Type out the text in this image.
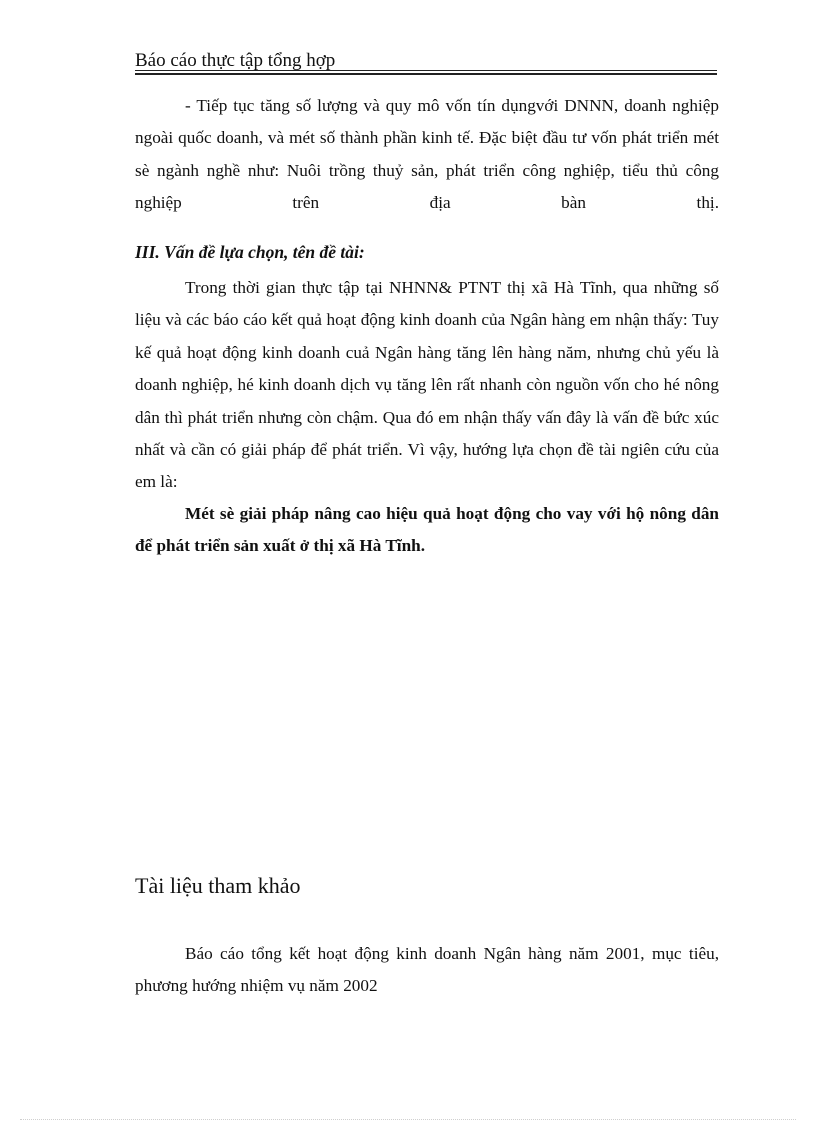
Báo cáo thực tập tổng hợp

- Tiếp tục tăng số lượng và quy mô vốn tín dụngvới DNNN, doanh nghiệp ngoài quốc doanh, và mét số thành phần kinh tế. Đặc biệt đầu tư vốn phát triển mét sè ngành nghề như: Nuôi trồng thuỷ sản, phát triển công nghiệp, tiểu thủ công nghiệp trên địa bàn thị.

III. Vấn đề lựa chọn, tên đề tài:

Trong thời gian thực tập tại NHNN& PTNT thị xã Hà Tĩnh, qua những số liệu và các báo cáo kết quả hoạt động kinh doanh của Ngân hàng em nhận thấy: Tuy kế quả hoạt động kinh doanh cuả Ngân hàng tăng lên hàng năm, nhưng chủ yếu là doanh nghiệp, hé kinh doanh dịch vụ tăng lên rất nhanh còn nguồn vốn cho hé nông dân thì phát triển nhưng còn chậm. Qua đó em nhận thấy vấn đây là vấn đề bức xúc nhất và cần có giải pháp để phát triển. Vì vậy, hướng lựa chọn đề tài ngiên cứu của em là:

Mét sè giải pháp nâng cao hiệu quả hoạt động cho vay với hộ nông dân để phát triển sản xuất ở thị xã Hà Tĩnh.

Tài liệu tham khảo

Báo cáo tổng kết hoạt động kinh doanh Ngân hàng năm 2001, mục tiêu, phương hướng nhiệm vụ năm 2002
